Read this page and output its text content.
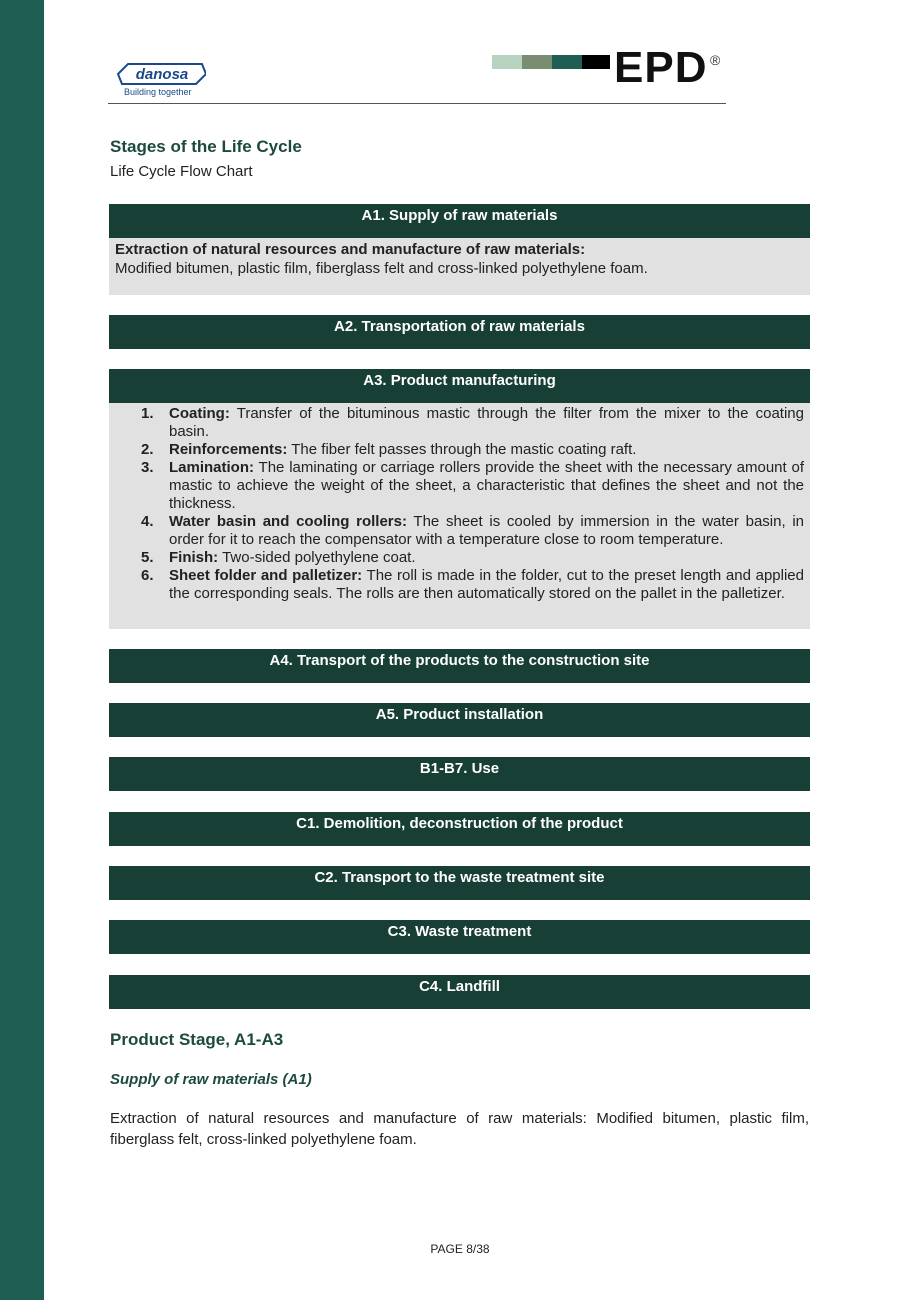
danosa
Building together	EPD ®
Stages of the Life Cycle
Life Cycle Flow Chart
A1. Supply of raw materials
Extraction of natural resources and manufacture of raw materials:
Modified bitumen, plastic film, fiberglass felt and cross-linked polyethylene foam.
A2. Transportation of raw materials
A3. Product manufacturing
1. Coating: Transfer of the bituminous mastic through the filter from the mixer to the coating basin.
2. Reinforcements: The fiber felt passes through the mastic coating raft.
3. Lamination: The laminating or carriage rollers provide the sheet with the necessary amount of mastic to achieve the weight of the sheet, a characteristic that defines the sheet and not the thickness.
4. Water basin and cooling rollers: The sheet is cooled by immersion in the water basin, in order for it to reach the compensator with a temperature close to room temperature.
5. Finish: Two-sided polyethylene coat.
6. Sheet folder and palletizer: The roll is made in the folder, cut to the preset length and applied the corresponding seals. The rolls are then automatically stored on the pallet in the palletizer.
A4. Transport of the products to the construction site
A5. Product installation
B1-B7. Use
C1. Demolition, deconstruction of the product
C2. Transport to the waste treatment site
C3. Waste treatment
C4. Landfill
Product Stage, A1-A3
Supply of raw materials (A1)
Extraction of natural resources and manufacture of raw materials: Modified bitumen, plastic film, fiberglass felt, cross-linked polyethylene foam.
PAGE 8/38
